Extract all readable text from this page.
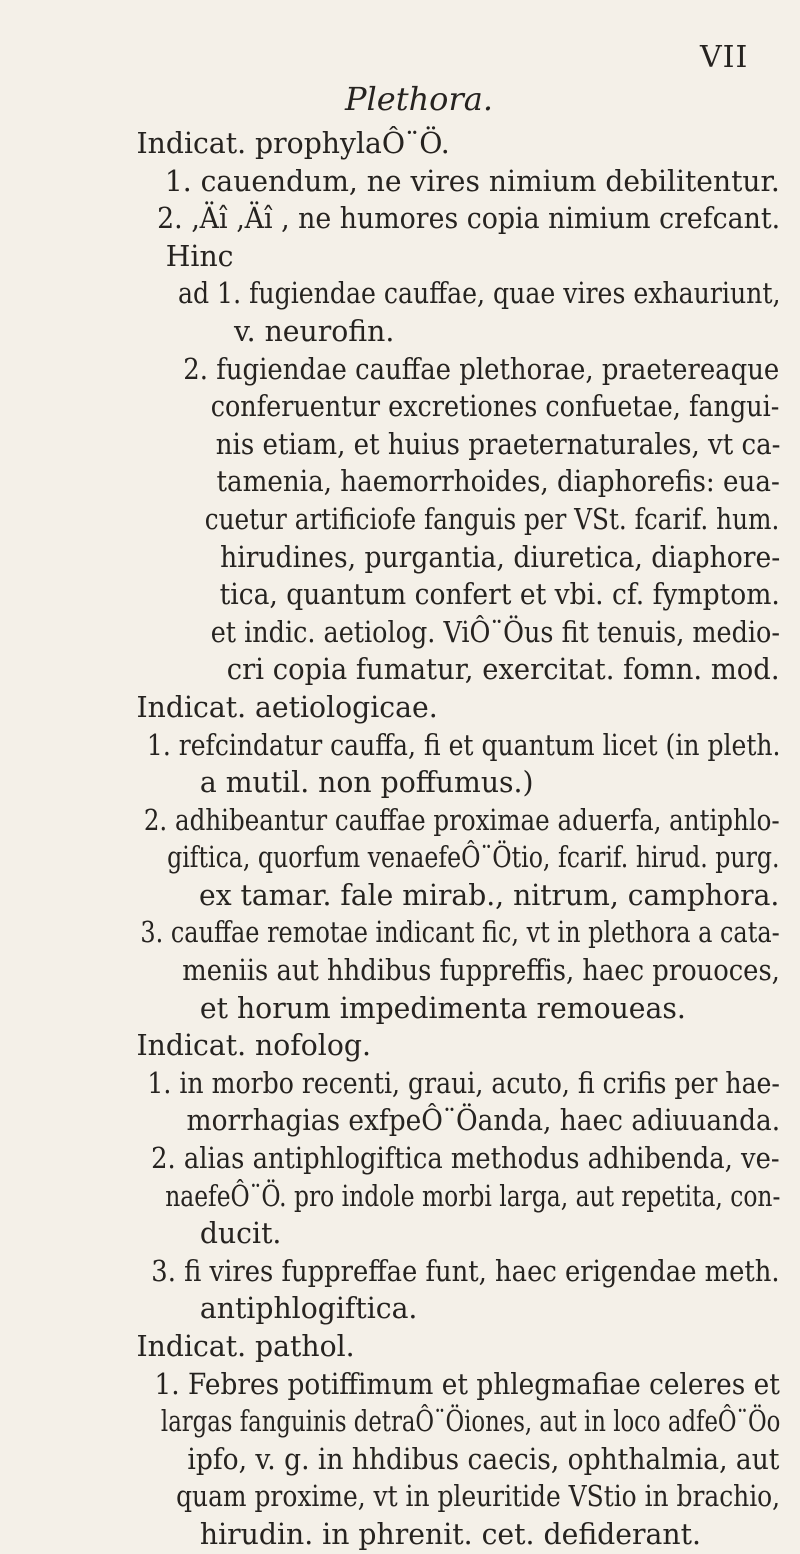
VII
Plethora.
Indicat. prophylaÔ¨Ö.
1. cauendum, ne vires nimium debilitentur.
2. ‚Äî ‚Äî , ne humores copia nimium crefcant.
Hinc
ad 1. fugiendae cauffae, quae vires exhauriunt,
v. neurofin.
2. fugiendae cauffae plethorae, praetereaque
conferuentur excretiones confuetae, fangui-
nis etiam, et huius praeternaturales, vt ca-
tamenia, haemorrhoides, diaphorefis: eua-
cuetur artificiofe fanguis per VSt. fcarif. hum.
hirudines, purgantia, diuretica, diaphore-
tica, quantum confert et vbi. cf. fymptom.
et indic. aetiolog. ViÔ¨Öus fit tenuis, medio-
cri copia fumatur, exercitat. fomn. mod.
Indicat. aetiologicae.
1. refcindatur cauffa, fi et quantum licet (in pleth.
a mutil. non poffumus.)
2. adhibeantur cauffae proximae aduerfa, antiphlo-
giftica, quorfum venaefeÔ¨Ötio, fcarif. hirud. purg.
ex tamar. fale mirab., nitrum, camphora.
3. cauffae remotae indicant fic, vt in plethora a cata-
meniis aut hhdibus fuppreffis, haec prouoces,
et horum impedimenta remoueas.
Indicat. nofolog.
1. in morbo recenti, graui, acuto, fi crifis per hae-
morrhagias exfpeÔ¨Öanda, haec adiuuanda.
2. alias antiphlogiftica methodus adhibenda, ve-
naefeÔ¨Ö. pro indole morbi larga, aut repetita, con-
ducit.
3. fi vires fuppreffae funt, haec erigendae meth.
antiphlogiftica.
Indicat. pathol.
1. Febres potiffimum et phlegmafiae celeres et
largas fanguinis detraÔ¨Öiones, aut in loco adfeÔ¨Öo
ipfo, v. g. in hhdibus caecis, ophthalmia, aut
quam proxime, vt in pleuritide VStio in brachio,
hirudin. in phrenit. cet. defiderant.
